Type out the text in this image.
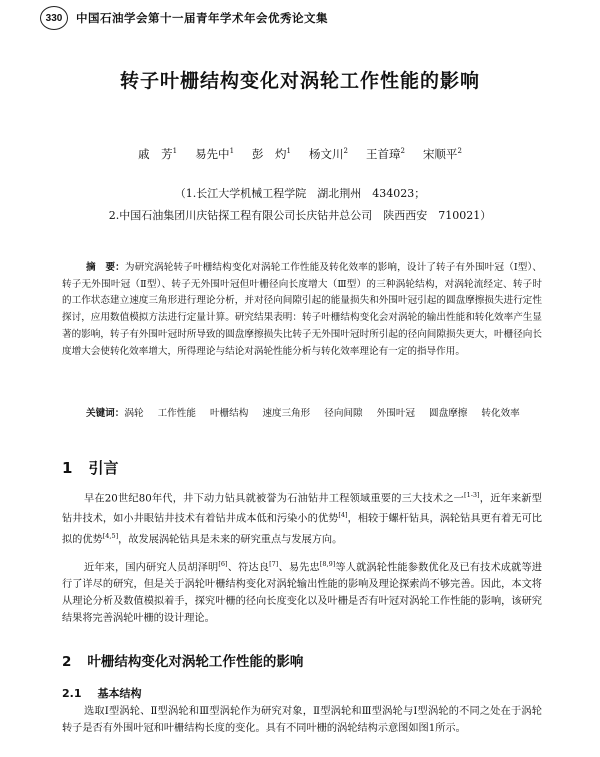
330	中国石油学会第十一届青年学术年会优秀论文集
转子叶栅结构变化对涡轮工作性能的影响
戚　芳$^1$ 易先中$^1$ 彭　灼$^1$ 杨文川$^2$ 王首璋$^2$ 宋顺平$^2$
（1.长江大学机械工程学院　湖北荆州　434023；
2.中国石油集团川庆钻探工程有限公司长庆钻井总公司　陕西西安　710021）
摘　要：为研究涡轮转子叶栅结构变化对涡轮工作性能及转化效率的影响，设计了转子有外围叶冠（Ⅰ型）、转子无外围叶冠（Ⅱ型）、转子无外围叶冠但叶栅径向长度增大（Ⅲ型）的三种涡轮结构，对涡轮流经定、转子时的工作状态建立速度三角形进行理论分析，并对径向间隙引起的能量损失和外围叶冠引起的圆盘摩擦损失进行定性探讨，应用数值模拟方法进行定量计算。研究结果表明：转子叶栅结构变化会对涡轮的输出性能和转化效率产生显著的影响，转子有外围叶冠时所导致的圆盘摩擦损失比转子无外围叶冠时所引起的径向间隙损失更大，叶栅径向长度增大会使转化效率增大，所得理论与结论对涡轮性能分析与转化效率理论有一定的指导作用。
关键词：涡轮 工作性能 叶栅结构 速度三角形 径向间隙 外围叶冠 圆盘摩擦 转化效率
1 引言
早在20世纪80年代，井下动力钻具就被誉为石油钻井工程领域重要的三大技术之一[1-3]，近年来新型钻井技术，如小井眼钻井技术有着钻井成本低和污染小的优势[4]，相较于螺杆钻具，涡轮钻具更有着无可比拟的优势[4,5]，故发展涡轮钻具是未来的研究重点与发展方向。
近年来，国内研究人员胡泽明[6]、符达良[7]、易先忠[8,9]等人就涡轮性能参数优化及已有技术成就等进行了详尽的研究，但是关于涡轮叶栅结构变化对涡轮输出性能的影响及理论探索尚不够完善。因此，本文将从理论分析及数值模拟着手，探究叶栅的径向长度变化以及叶栅是否有叶冠对涡轮工作性能的影响，该研究结果将完善涡轮叶栅的设计理论。
2 叶栅结构变化对涡轮工作性能的影响
2.1 基本结构
选取Ⅰ型涡轮、Ⅱ型涡轮和Ⅲ型涡轮作为研究对象，Ⅱ型涡轮和Ⅲ型涡轮与Ⅰ型涡轮的不同之处在于涡轮转子是否有外围叶冠和叶栅结构长度的变化。具有不同叶栅的涡轮结构示意图如图1所示。
